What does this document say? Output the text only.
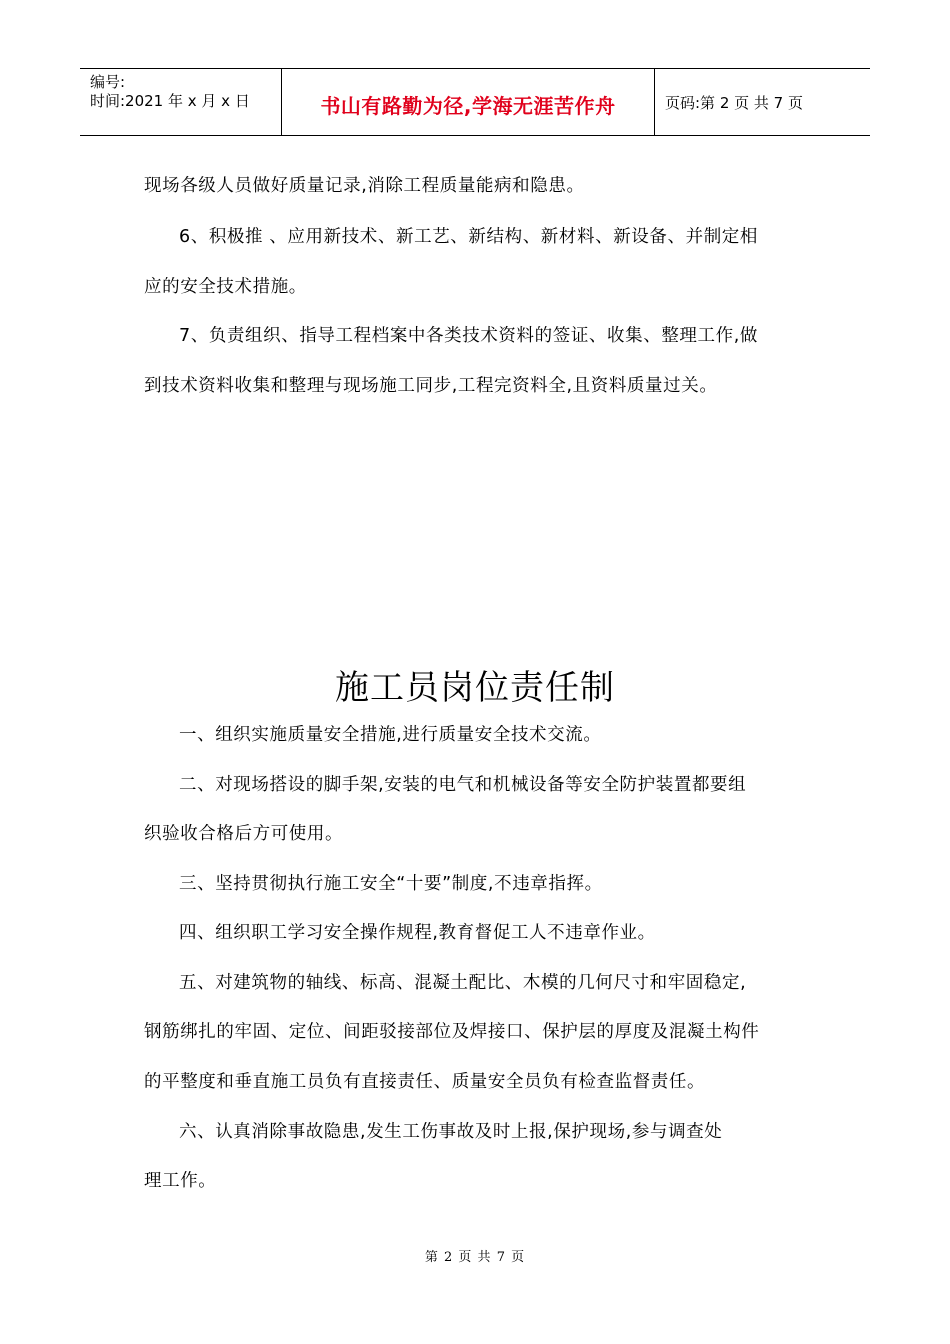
编号:
时间:2021 年 x 月 x 日	书山有路勤为径,学海无涯苦作舟	页码:第 2 页 共 7 页
现场各级人员做好质量记录,消除工程质量能病和隐患。
6、积极推 、应用新技术、新工艺、新结构、新材料、新设备、并制定相
应的安全技术措施。
7、负责组织、指导工程档案中各类技术资料的签证、收集、整理工作,做
到技术资料收集和整理与现场施工同步,工程完资料全,且资料质量过关。
施工员岗位责任制
一、组织实施质量安全措施,进行质量安全技术交流。
二、对现场搭设的脚手架,安装的电气和机械设备等安全防护装置都要组
织验收合格后方可使用。
三、坚持贯彻执行施工安全“十要”制度,不违章指挥。
四、组织职工学习安全操作规程,教育督促工人不违章作业。
五、对建筑物的轴线、标高、混凝土配比、木模的几何尺寸和牢固稳定,
钢筋绑扎的牢固、定位、间距驳接部位及焊接口、保护层的厚度及混凝土构件
的平整度和垂直施工员负有直接责任、质量安全员负有检查监督责任。
六、认真消除事故隐患,发生工伤事故及时上报,保护现场,参与调查处
理工作。
第 2 页 共 7 页
